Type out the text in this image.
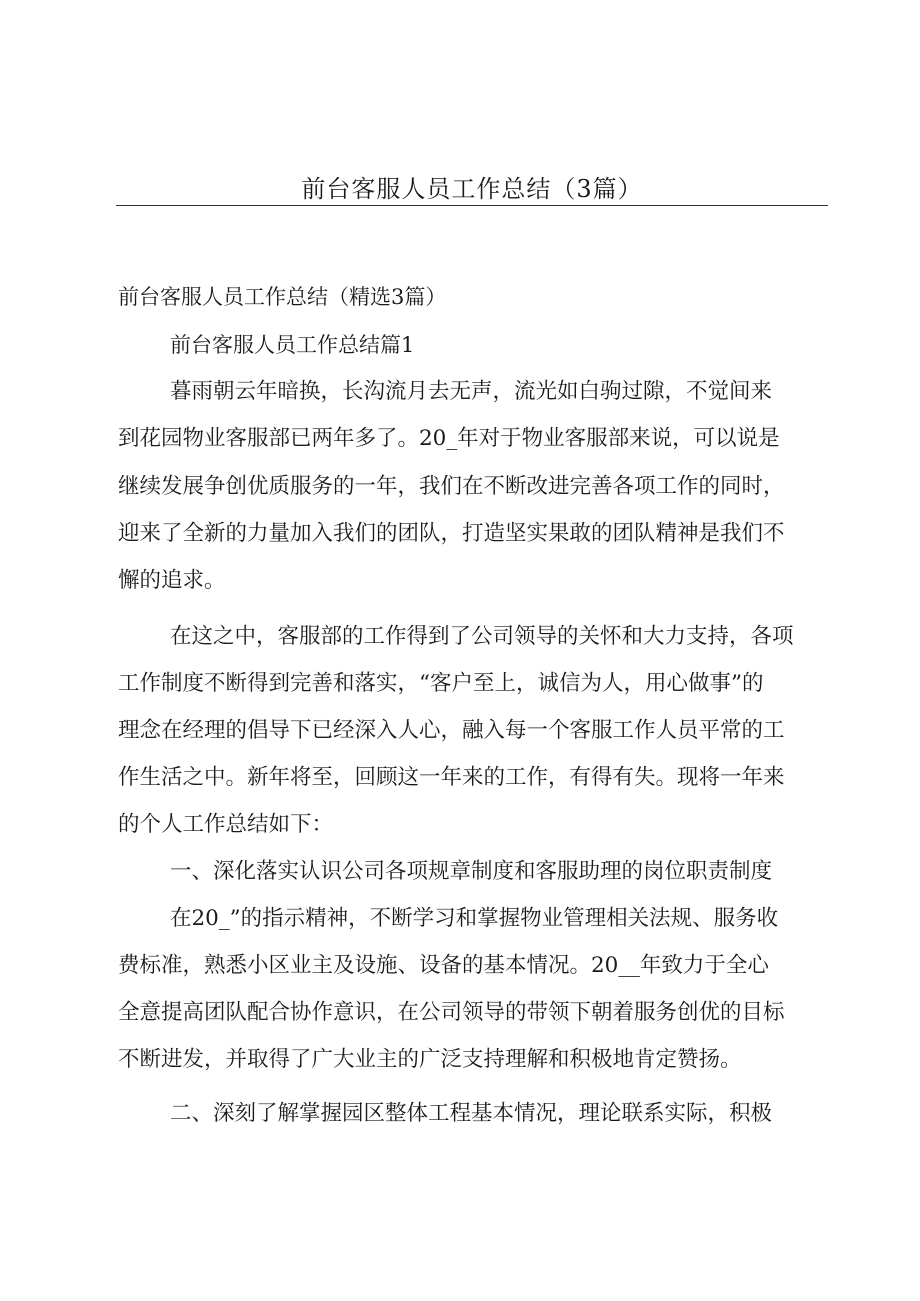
前台客服人员工作总结（3篇）
前台客服人员工作总结（精选3篇）
前台客服人员工作总结篇1
暮雨朝云年暗换，长沟流月去无声，流光如白驹过隙，不觉间来
到花园物业客服部已两年多了。20_年对于物业客服部来说，可以说是
继续发展争创优质服务的一年，我们在不断改进完善各项工作的同时，
迎来了全新的力量加入我们的团队，打造坚实果敢的团队精神是我们不
懈的追求。
在这之中，客服部的工作得到了公司领导的关怀和大力支持，各项
工作制度不断得到完善和落实，“客户至上，诚信为人，用心做事”的
理念在经理的倡导下已经深入人心，融入每一个客服工作人员平常的工
作生活之中。新年将至，回顾这一年来的工作，有得有失。现将一年来
的个人工作总结如下：
一、深化落实认识公司各项规章制度和客服助理的岗位职责制度
在20_”的指示精神，不断学习和掌握物业管理相关法规、服务收
费标准，熟悉小区业主及设施、设备的基本情况。20__年致力于全心
全意提高团队配合协作意识，在公司领导的带领下朝着服务创优的目标
不断进发，并取得了广大业主的广泛支持理解和积极地肯定赞扬。
二、深刻了解掌握园区整体工程基本情况，理论联系实际，积极
